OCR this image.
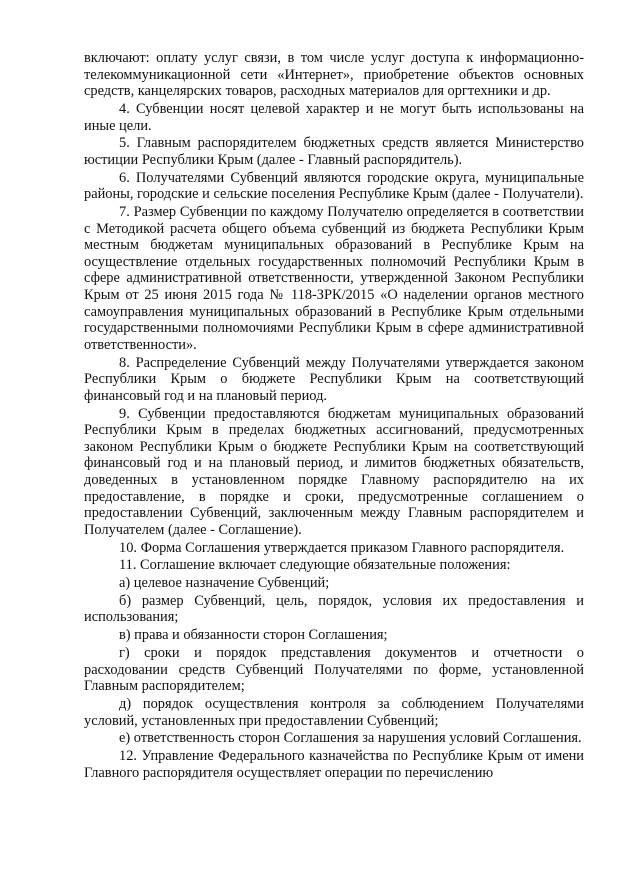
включают: оплату услуг связи, в том числе услуг доступа к информационно-телекоммуникационной сети «Интернет», приобретение объектов основных средств, канцелярских товаров, расходных материалов для оргтехники и др.

4. Субвенции носят целевой характер и не могут быть использованы на иные цели.

5. Главным распорядителем бюджетных средств является Министерство юстиции Республики Крым (далее - Главный распорядитель).

6. Получателями Субвенций являются городские округа, муниципальные районы, городские и сельские поселения Республике Крым (далее - Получатели).

7. Размер Субвенции по каждому Получателю определяется в соответствии с Методикой расчета общего объема субвенций из бюджета Республики Крым местным бюджетам муниципальных образований в Республике Крым на осуществление отдельных государственных полномочий Республики Крым в сфере административной ответственности, утвержденной Законом Республики Крым от 25 июня 2015 года № 118-ЗРК/2015 «О наделении органов местного самоуправления муниципальных образований в Республике Крым отдельными государственными полномочиями Республики Крым в сфере административной ответственности».

8. Распределение Субвенций между Получателями утверждается законом Республики Крым о бюджете Республики Крым на соответствующий финансовый год и на плановый период.

9. Субвенции предоставляются бюджетам муниципальных образований Республики Крым в пределах бюджетных ассигнований, предусмотренных законом Республики Крым о бюджете Республики Крым на соответствующий финансовый год и на плановый период, и лимитов бюджетных обязательств, доведенных в установленном порядке Главному распорядителю на их предоставление, в порядке и сроки, предусмотренные соглашением о предоставлении Субвенций, заключенным между Главным распорядителем и Получателем (далее - Соглашение).

10. Форма Соглашения утверждается приказом Главного распорядителя.

11. Соглашение включает следующие обязательные положения:

а) целевое назначение Субвенций;

б) размер Субвенций, цель, порядок, условия их предоставления и использования;

в) права и обязанности сторон Соглашения;

г) сроки и порядок представления документов и отчетности о расходовании средств Субвенций Получателями по форме, установленной Главным распорядителем;

д) порядок осуществления контроля за соблюдением Получателями условий, установленных при предоставлении Субвенций;

е) ответственность сторон Соглашения за нарушения условий Соглашения.

12. Управление Федерального казначейства по Республике Крым от имени Главного распорядителя осуществляет операции по перечислению
